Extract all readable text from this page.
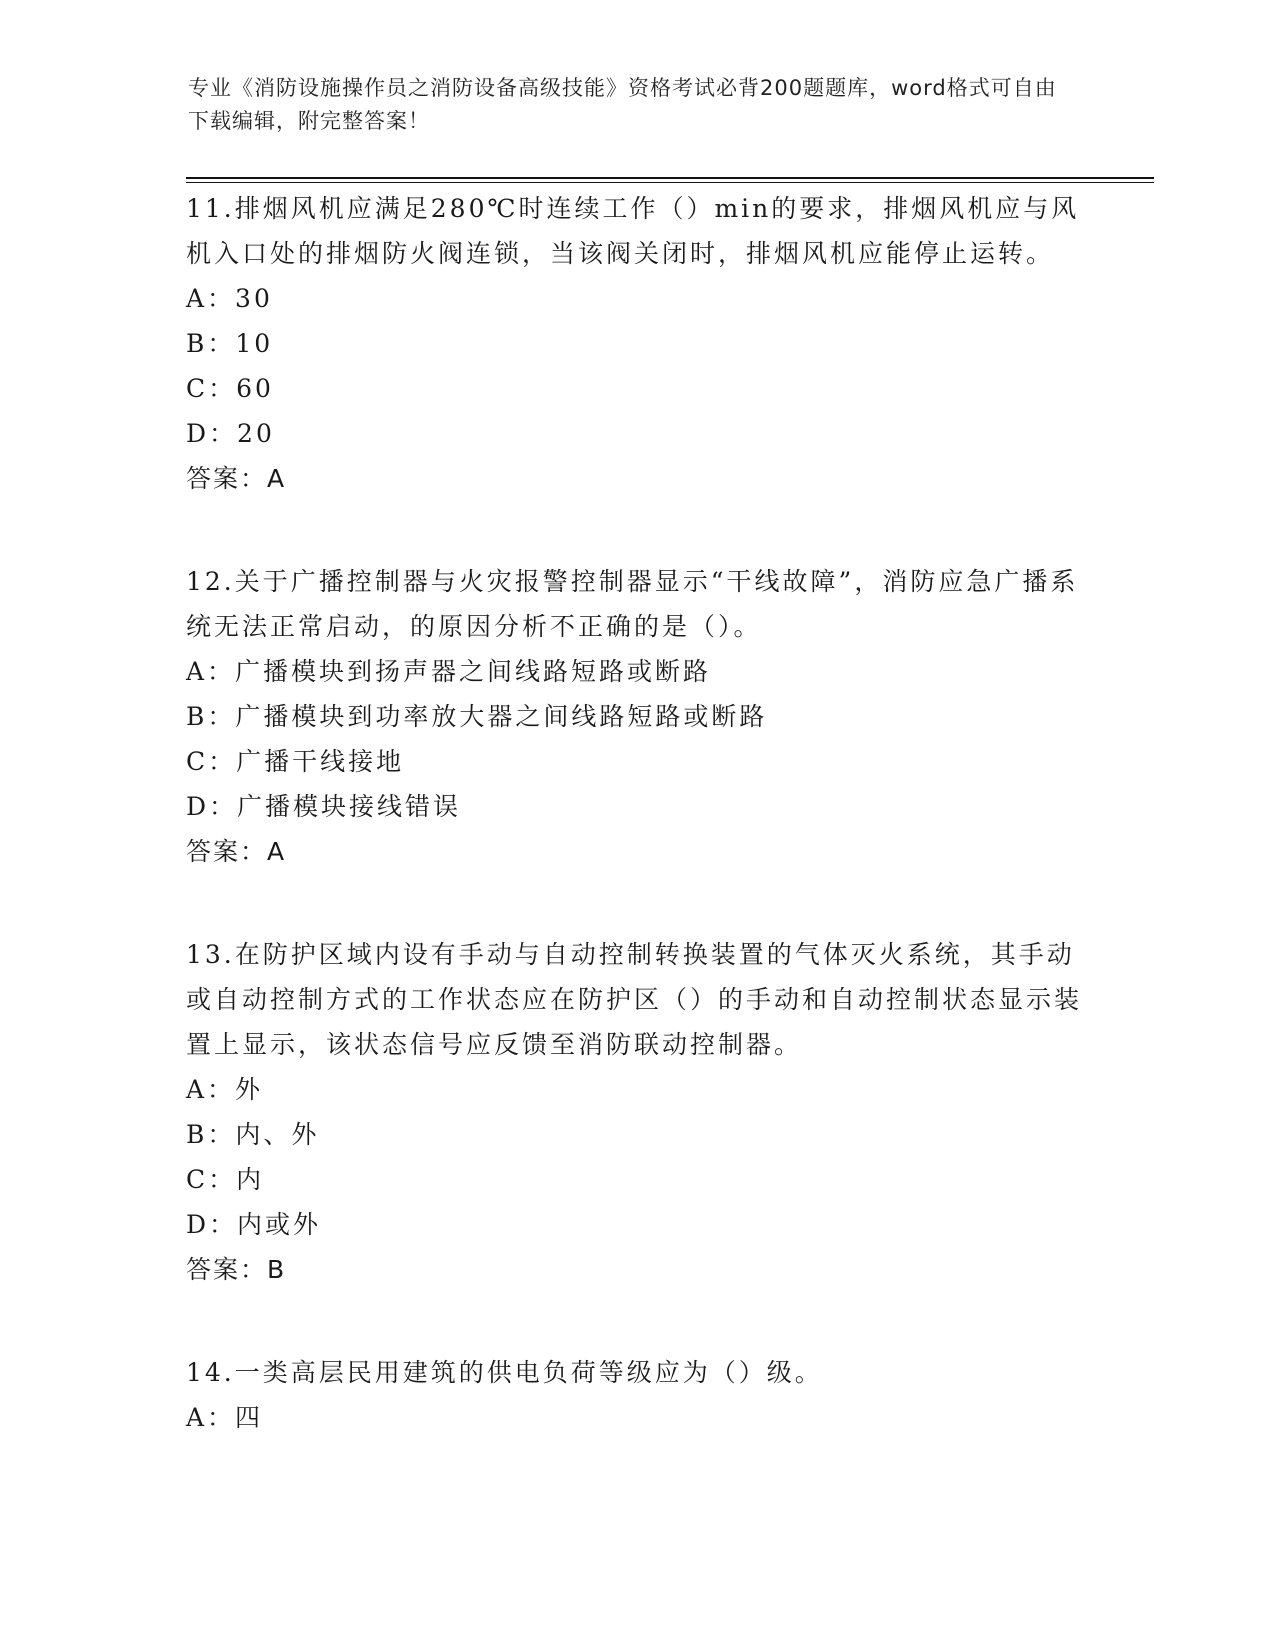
专业《消防设施操作员之消防设备高级技能》资格考试必背200题题库，word格式可自由下载编辑，附完整答案！

11.排烟风机应满足280℃时连续工作（）min的要求，排烟风机应与风机入口处的排烟防火阀连锁，当该阀关闭时，排烟风机应能停止运转。

A：30

B：10

C：60

D：20

答案：A

12.关于广播控制器与火灾报警控制器显示“干线故障”，消防应急广播系统无法正常启动，的原因分析不正确的是（）。

A：广播模块到扬声器之间线路短路或断路

B：广播模块到功率放大器之间线路短路或断路

C：广播干线接地

D：广播模块接线错误

答案：A

13.在防护区域内设有手动与自动控制转换装置的气体灭火系统，其手动或自动控制方式的工作状态应在防护区（）的手动和自动控制状态显示装置上显示，该状态信号应反馈至消防联动控制器。

A：外

B：内、外

C：内

D：内或外

答案：B

14.一类高层民用建筑的供电负荷等级应为（）级。

A：四
